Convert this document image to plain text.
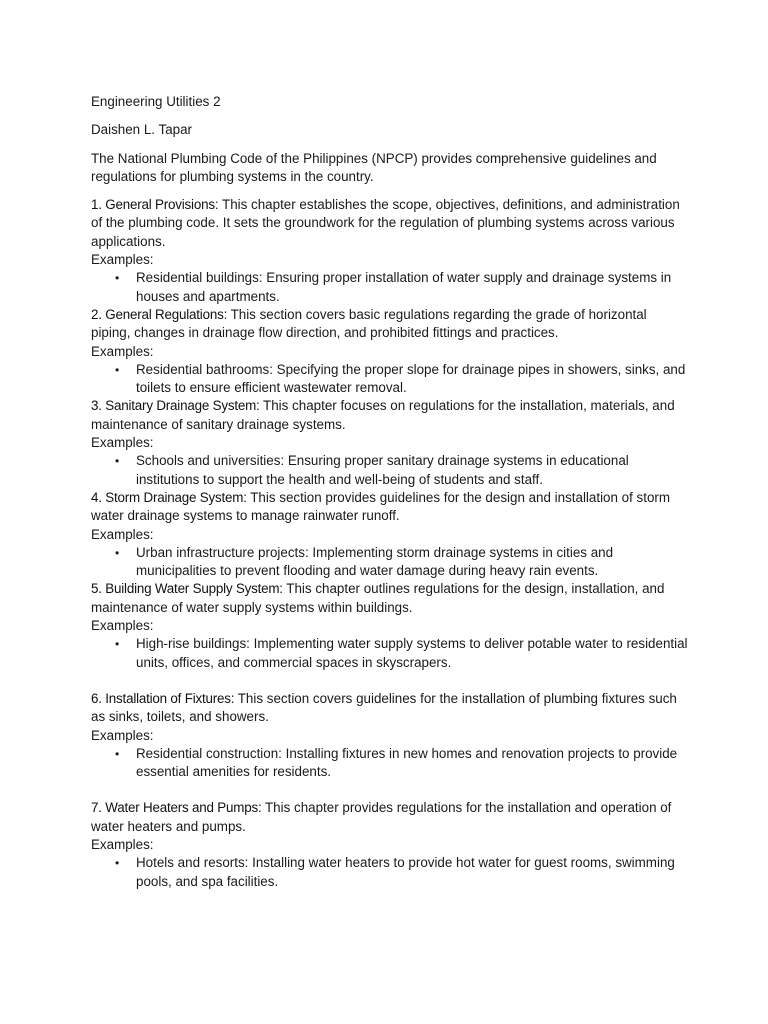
Engineering Utilities 2

Daishen L. Tapar

The National Plumbing Code of the Philippines (NPCP) provides comprehensive guidelines and regulations for plumbing systems in the country.

1. General Provisions: This chapter establishes the scope, objectives, definitions, and administration of the plumbing code. It sets the groundwork for the regulation of plumbing systems across various applications.

Examples:

• Residential buildings: Ensuring proper installation of water supply and drainage systems in houses and apartments.

2. General Regulations: This section covers basic regulations regarding the grade of horizontal piping, changes in drainage flow direction, and prohibited fittings and practices.

Examples:

• Residential bathrooms: Specifying the proper slope for drainage pipes in showers, sinks, and toilets to ensure efficient wastewater removal.

3. Sanitary Drainage System: This chapter focuses on regulations for the installation, materials, and maintenance of sanitary drainage systems.

Examples:

• Schools and universities: Ensuring proper sanitary drainage systems in educational institutions to support the health and well-being of students and staff.

4. Storm Drainage System: This section provides guidelines for the design and installation of storm water drainage systems to manage rainwater runoff.

Examples:

• Urban infrastructure projects: Implementing storm drainage systems in cities and municipalities to prevent flooding and water damage during heavy rain events.

5. Building Water Supply System: This chapter outlines regulations for the design, installation, and maintenance of water supply systems within buildings.

Examples:

• High-rise buildings: Implementing water supply systems to deliver potable water to residential units, offices, and commercial spaces in skyscrapers.

6. Installation of Fixtures: This section covers guidelines for the installation of plumbing fixtures such as sinks, toilets, and showers.

Examples:

• Residential construction: Installing fixtures in new homes and renovation projects to provide essential amenities for residents.

7. Water Heaters and Pumps: This chapter provides regulations for the installation and operation of water heaters and pumps.

Examples:

• Hotels and resorts: Installing water heaters to provide hot water for guest rooms, swimming pools, and spa facilities.
